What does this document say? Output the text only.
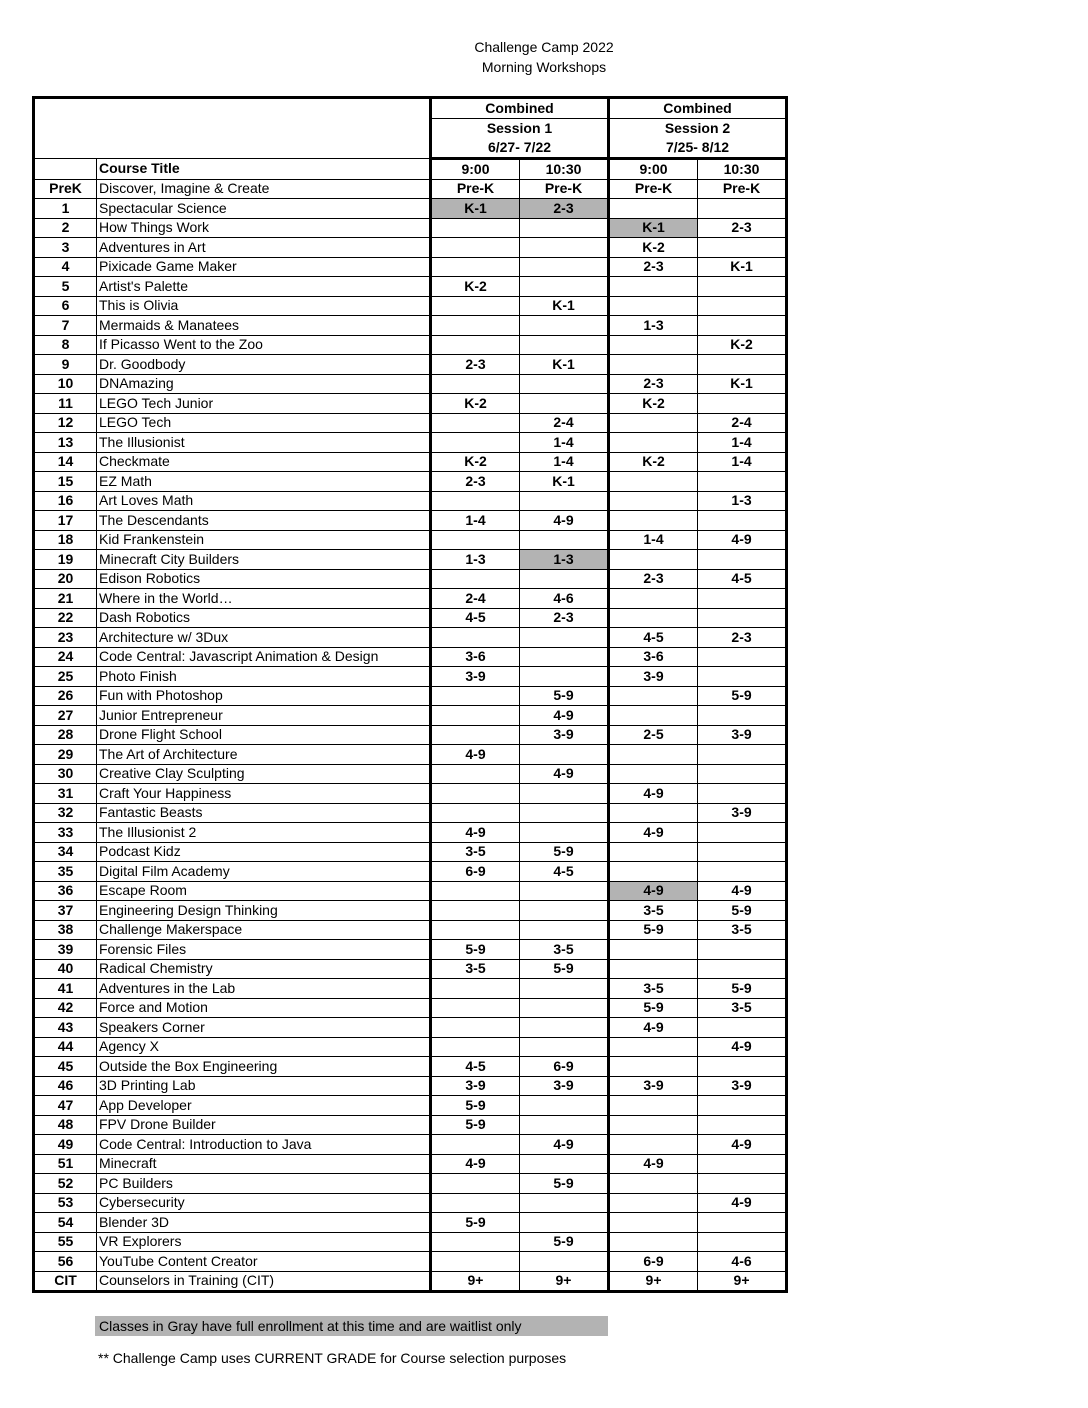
Challenge Camp 2022
Morning Workshops
		Combined		Combined	
		Session 1		Session 2	
		6/27- 7/22		7/25- 8/12	
	Course Title	9:00	10:30	9:00	10:30
PreK	Discover, Imagine & Create	Pre-K	Pre-K	Pre-K	Pre-K
1	Spectacular Science	K-1	2-3		
2	How Things Work			K-1	2-3
3	Adventures in Art			K-2	
4	Pixicade Game Maker			2-3	K-1
5	Artist's Palette	K-2			
6	This is Olivia		K-1		
7	Mermaids & Manatees			1-3	
8	If Picasso Went to the Zoo				K-2
9	Dr. Goodbody	2-3	K-1		
10	DNAmazing			2-3	K-1
11	LEGO Tech Junior	K-2		K-2	
12	LEGO Tech		2-4		2-4
13	The Illusionist		1-4		1-4
14	Checkmate	K-2	1-4	K-2	1-4
15	EZ Math	2-3	K-1		
16	Art Loves Math				1-3
17	The Descendants	1-4	4-9		
18	Kid Frankenstein			1-4	4-9
19	Minecraft City Builders	1-3	1-3		
20	Edison Robotics			2-3	4-5
21	Where in the World…	2-4	4-6		
22	Dash Robotics	4-5	2-3		
23	Architecture w/ 3Dux			4-5	2-3
24	Code Central: Javascript Animation & Design	3-6		3-6	
25	Photo Finish	3-9		3-9	
26	Fun with Photoshop		5-9		5-9
27	Junior Entrepreneur		4-9		
28	Drone Flight School		3-9	2-5	3-9
29	The Art of Architecture	4-9			
30	Creative Clay Sculpting		4-9		
31	Craft Your Happiness			4-9	
32	Fantastic Beasts				3-9
33	The Illusionist 2	4-9		4-9	
34	Podcast Kidz	3-5	5-9		
35	Digital Film Academy	6-9	4-5		
36	Escape Room			4-9	4-9
37	Engineering Design Thinking			3-5	5-9
38	Challenge Makerspace			5-9	3-5
39	Forensic Files	5-9	3-5		
40	Radical Chemistry	3-5	5-9		
41	Adventures in the Lab			3-5	5-9
42	Force and Motion			5-9	3-5
43	Speakers Corner			4-9	
44	Agency X				4-9
45	Outside the Box Engineering	4-5	6-9		
46	3D Printing Lab	3-9	3-9	3-9	3-9
47	App Developer	5-9			
48	FPV Drone Builder	5-9			
49	Code Central: Introduction to Java		4-9		4-9
51	Minecraft	4-9		4-9	
52	PC Builders		5-9		
53	Cybersecurity				4-9
54	Blender 3D	5-9			
55	VR Explorers		5-9		
56	YouTube Content Creator			6-9	4-6
CIT	Counselors in Training (CIT)	9+	9+	9+	9+
Classes in Gray have full enrollment at this time and are waitlist only
** Challenge Camp uses CURRENT GRADE for Course selection purposes
